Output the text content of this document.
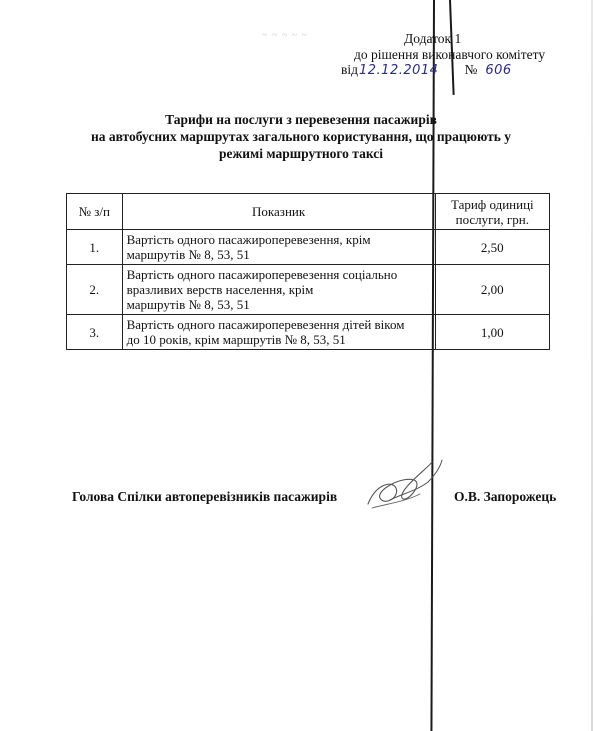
~ ~ ~ ~ ~	Додаток 1
до рішення виконавчого комітету
від 12.12.2014 № 606
Тарифи на послуги з перевезення пасажирів
на автобусних маршрутах загального користування, що працюють у
режимі маршрутного таксі
№ з/п	Показник	Тариф одиниці
послуги, грн.

1.	Вартість одного пасажироперевезення, крім
маршрутів № 8, 53, 51	2,50
2.	Вартість одного пасажироперевезення соціально
вразливих верств населення, крім
маршрутів № 8, 53, 51	2,00
3.	Вартість одного пасажироперевезення дітей віком
до 10 років, крім маршрутів № 8, 53, 51	1,00
Голова Спілки автоперевізників пасажирів	О.В. Запорожець
